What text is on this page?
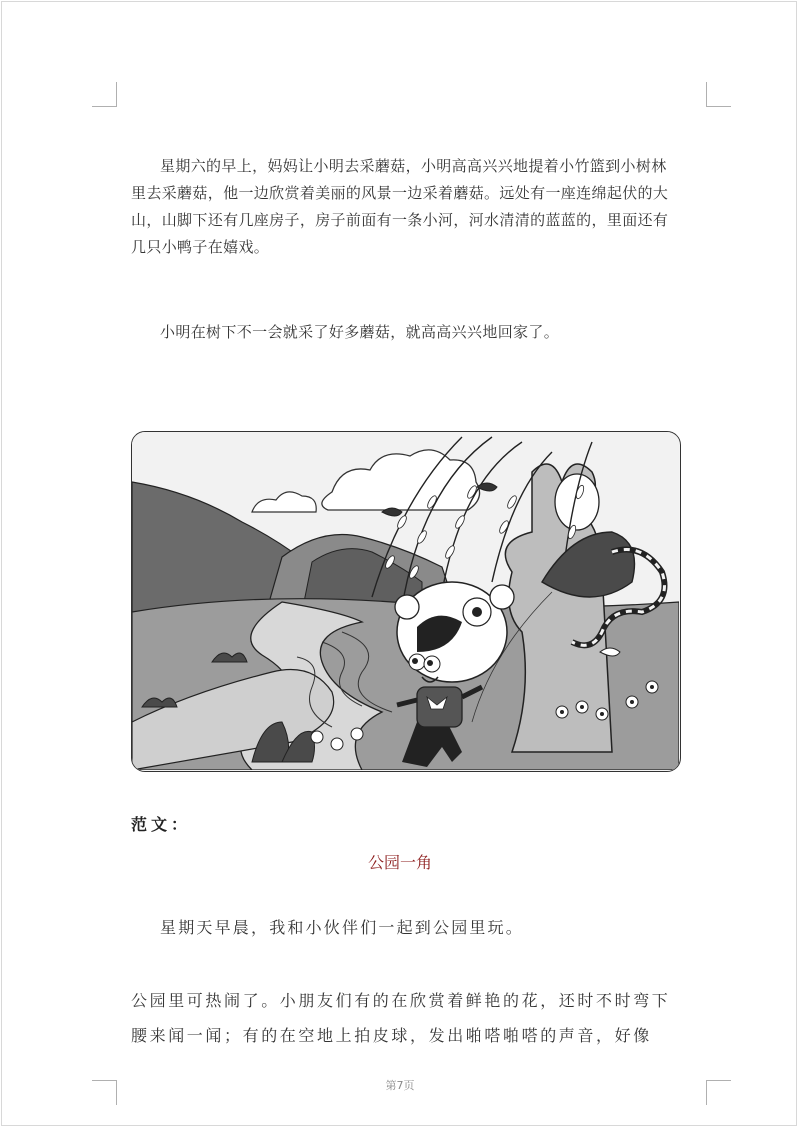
星期六的早上，妈妈让小明去采蘑菇，小明高高兴兴地提着小竹篮到小树林里去采蘑菇，他一边欣赏着美丽的风景一边采着蘑菇。远处有一座连绵起伏的大山，山脚下还有几座房子，房子前面有一条小河，河水清清的蓝蓝的，里面还有几只小鸭子在嬉戏。

小明在树下不一会就采了好多蘑菇，就高高兴兴地回家了。

范文：
公园一角

星期天早晨，我和小伙伴们一起到公园里玩。

公园里可热闹了。小朋友们有的在欣赏着鲜艳的花，还时不时弯下腰来闻一闻；有的在空地上拍皮球，发出啪嗒啪嗒的声音，好像

第7页
